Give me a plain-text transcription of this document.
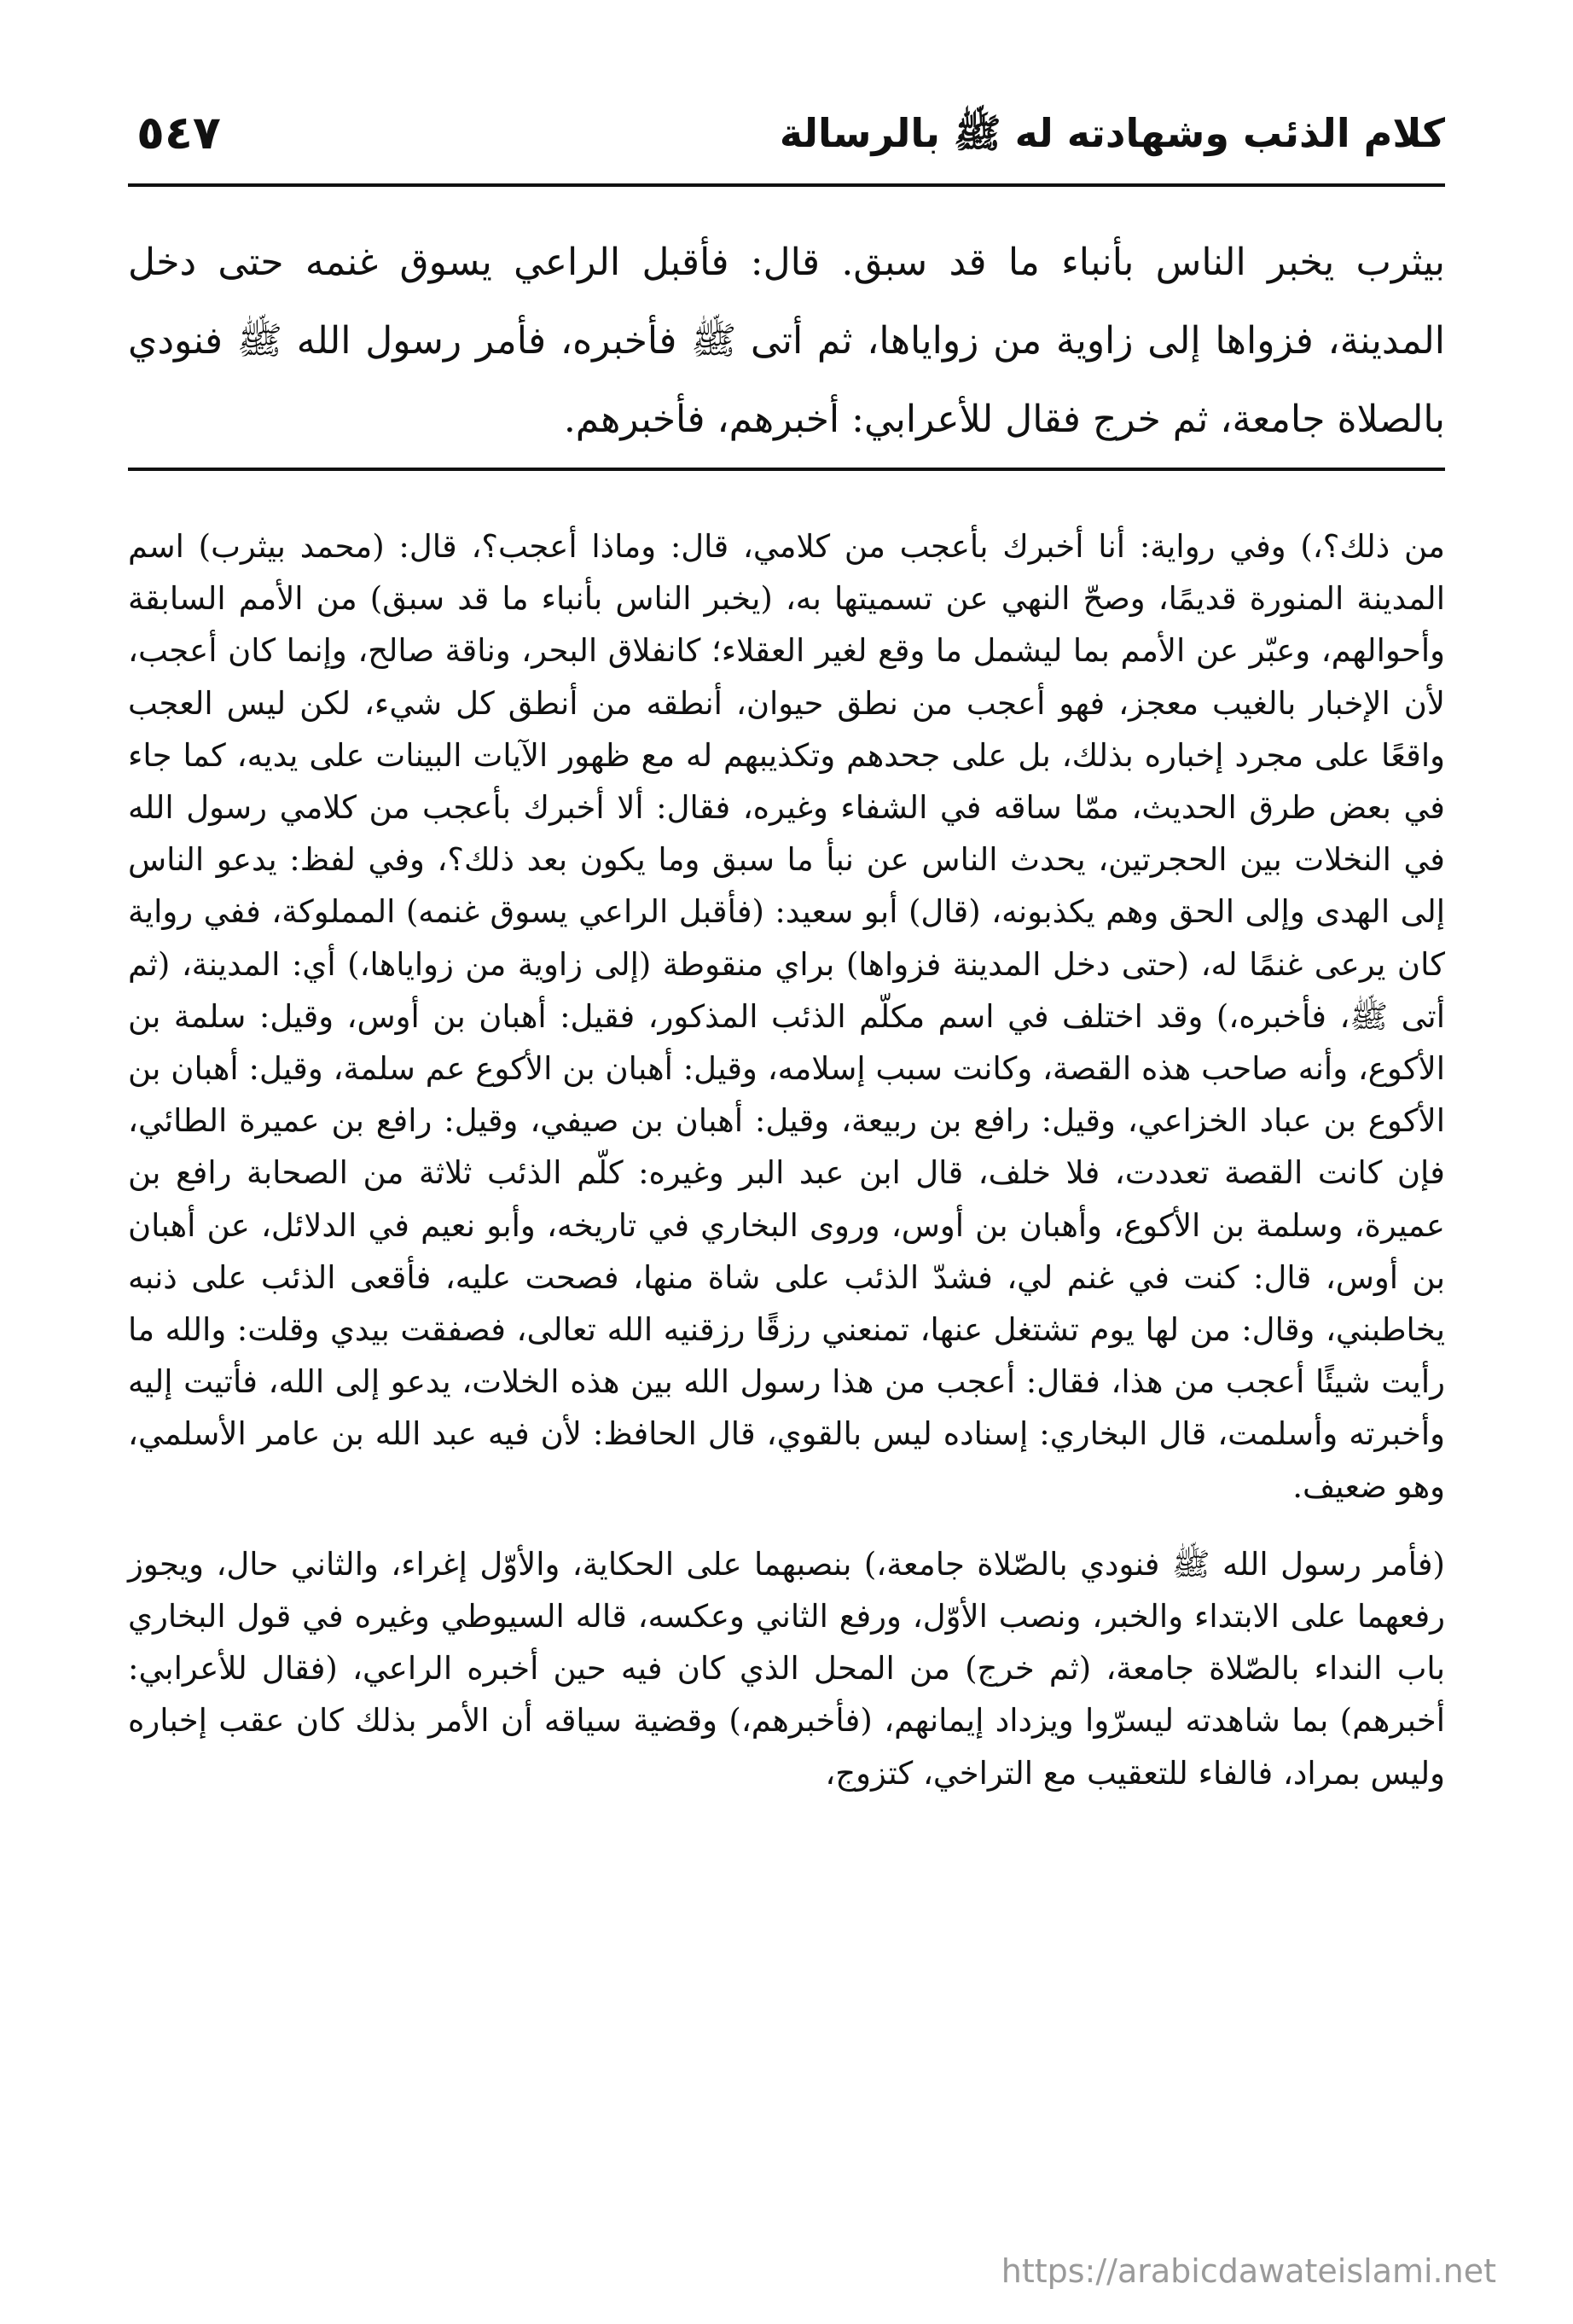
كلام الذئب وشهادته له ﷺ بالرسالة
٥٤٧

بيثرب يخبر الناس بأنباء ما قد سبق. قال: فأقبل الراعي يسوق غنمه حتى دخل المدينة، فزواها إلى زاوية من زواياها، ثم أتى ﷺ فأخبره، فأمر رسول الله ﷺ فنودي بالصلاة جامعة، ثم خرج فقال للأعرابي: أخبرهم، فأخبرهم.

من ذلك؟،) وفي رواية: أنا أخبرك بأعجب من كلامي، قال: وماذا أعجب؟، قال: (محمد بيثرب) اسم المدينة المنورة قديمًا، وصحّ النهي عن تسميتها به، (يخبر الناس بأنباء ما قد سبق) من الأمم السابقة وأحوالهم، وعبّر عن الأمم بما ليشمل ما وقع لغير العقلاء؛ كانفلاق البحر، وناقة صالح، وإنما كان أعجب، لأن الإخبار بالغيب معجز، فهو أعجب من نطق حيوان، أنطقه من أنطق كل شيء، لكن ليس العجب واقعًا على مجرد إخباره بذلك، بل على جحدهم وتكذيبهم له مع ظهور الآيات البينات على يديه، كما جاء في بعض طرق الحديث، ممّا ساقه في الشفاء وغيره، فقال: ألا أخبرك بأعجب من كلامي رسول الله في النخلات بين الحجرتين، يحدث الناس عن نبأ ما سبق وما يكون بعد ذلك؟، وفي لفظ: يدعو الناس إلى الهدى وإلى الحق وهم يكذبونه، (قال) أبو سعيد: (فأقبل الراعي يسوق غنمه) المملوكة، ففي رواية كان يرعى غنمًا له، (حتى دخل المدينة فزواها) براي منقوطة (إلى زاوية من زواياها،) أي: المدينة، (ثم أتى ﷺ، فأخبره،) وقد اختلف في اسم مكلّم الذئب المذكور، فقيل: أهبان بن أوس، وقيل: سلمة بن الأكوع، وأنه صاحب هذه القصة، وكانت سبب إسلامه، وقيل: أهبان بن الأكوع عم سلمة، وقيل: أهبان بن الأكوع بن عباد الخزاعي، وقيل: رافع بن ربيعة، وقيل: أهبان بن صيفي، وقيل: رافع بن عميرة الطائي، فإن كانت القصة تعددت، فلا خلف، قال ابن عبد البر وغيره: كلّم الذئب ثلاثة من الصحابة رافع بن عميرة، وسلمة بن الأكوع، وأهبان بن أوس، وروى البخاري في تاريخه، وأبو نعيم في الدلائل، عن أهبان بن أوس، قال: كنت في غنم لي، فشدّ الذئب على شاة منها، فصحت عليه، فأقعى الذئب على ذنبه يخاطبني، وقال: من لها يوم تشتغل عنها، تمنعني رزقًا رزقنيه الله تعالى، فصفقت بيدي وقلت: والله ما رأيت شيئًا أعجب من هذا، فقال: أعجب من هذا رسول الله بين هذه الخلات، يدعو إلى الله، فأتيت إليه وأخبرته وأسلمت، قال البخاري: إسناده ليس بالقوي، قال الحافظ: لأن فيه عبد الله بن عامر الأسلمي، وهو ضعيف.

(فأمر رسول الله ﷺ فنودي بالصّلاة جامعة،) بنصبهما على الحكاية، والأوّل إغراء، والثاني حال، ويجوز رفعهما على الابتداء والخبر، ونصب الأوّل، ورفع الثاني وعكسه، قاله السيوطي وغيره في قول البخاري باب النداء بالصّلاة جامعة، (ثم خرج) من المحل الذي كان فيه حين أخبره الراعي، (فقال للأعرابي: أخبرهم) بما شاهدته ليسرّوا ويزداد إيمانهم، (فأخبرهم،) وقضية سياقه أن الأمر بذلك كان عقب إخباره وليس بمراد، فالفاء للتعقيب مع التراخي، كتزوج،

https://arabicdawateislami.net
